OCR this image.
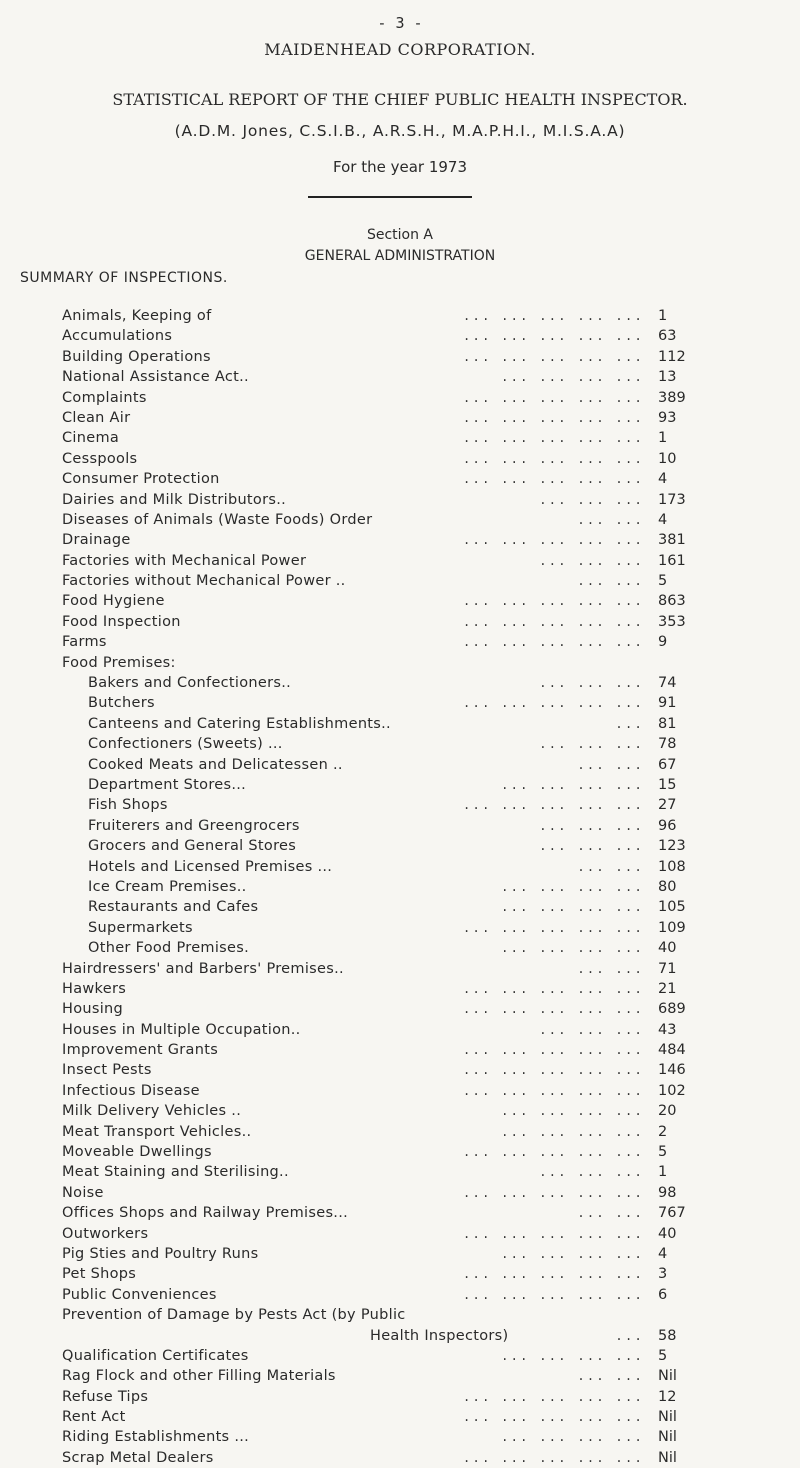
- 3 -
MAIDENHEAD CORPORATION.
STATISTICAL REPORT OF THE CHIEF PUBLIC HEALTH INSPECTOR.
(A.D.M. Jones, C.S.I.B., A.R.S.H., M.A.P.H.I., M.I.S.A.A)
For the year 1973
Section A
GENERAL ADMINISTRATION
SUMMARY OF INSPECTIONS.
Animals, Keeping of	... ... ... ... ... 1
Accumulations	... ... ... ... ... 63
Building Operations	... ... ... ... ... 112
National Assistance Act..	... ... ... ... 13
Complaints	... ... ... ... ... 389
Clean Air	... ... ... ... ... 93
Cinema	... ... ... ... ... 1
Cesspools	... ... ... ... ... 10
Consumer Protection	... ... ... ... ... 4
Dairies and Milk Distributors..	... ... ... 173
Diseases of Animals (Waste Foods) Order	... ... 4
Drainage	... ... ... ... ... 381
Factories with Mechanical Power	... ... ... 161
Factories without Mechanical Power ..	... ... 5
Food Hygiene	... ... ... ... ... 863
Food Inspection	... ... ... ... ... 353
Farms	... ... ... ... ... 9
Food Premises:
Bakers and Confectioners..	... ... ... 74
Butchers	... ... ... ... ... 91
Canteens and Catering Establishments..	... 81
Confectioners (Sweets) ...	... ... ... 78
Cooked Meats and Delicatessen ..	... ... 67
Department Stores...	... ... ... ... 15
Fish Shops	... ... ... ... ... 27
Fruiterers and Greengrocers	... ... ... 96
Grocers and General Stores	... ... ... 123
Hotels and Licensed Premises ...	... ... 108
Ice Cream Premises..	... ... ... ... 80
Restaurants and Cafes	... ... ... ... 105
Supermarkets	... ... ... ... ... 109
Other Food Premises.	... ... ... ... 40
Hairdressers' and Barbers' Premises..	... ... 71
Hawkers	... ... ... ... ... 21
Housing	... ... ... ... ... 689
Houses in Multiple Occupation..	... ... ... 43
Improvement Grants	... ... ... ... ... 484
Insect Pests	... ... ... ... ... 146
Infectious Disease	... ... ... ... ... 102
Milk Delivery Vehicles ..	... ... ... ... 20
Meat Transport Vehicles..	... ... ... ... 2
Moveable Dwellings	... ... ... ... ... 5
Meat Staining and Sterilising..	... ... ... 1
Noise	... ... ... ... ... 98
Offices Shops and Railway Premises...	... ... 767
Outworkers	... ... ... ... ... 40
Pig Sties and Poultry Runs	... ... ... ... 4
Pet Shops	... ... ... ... ... 3
Public Conveniences	... ... ... ... ... 6
Prevention of Damage by Pests Act (by Public
Health Inspectors)	... 58
Qualification Certificates	... ... ... ... 5
Rag Flock and other Filling Materials	... ... Nil
Refuse Tips	... ... ... ... ... 12
Rent Act	... ... ... ... ... Nil
Riding Establishments ...	... ... ... ... Nil
Scrap Metal Dealers	... ... ... ... ... Nil
